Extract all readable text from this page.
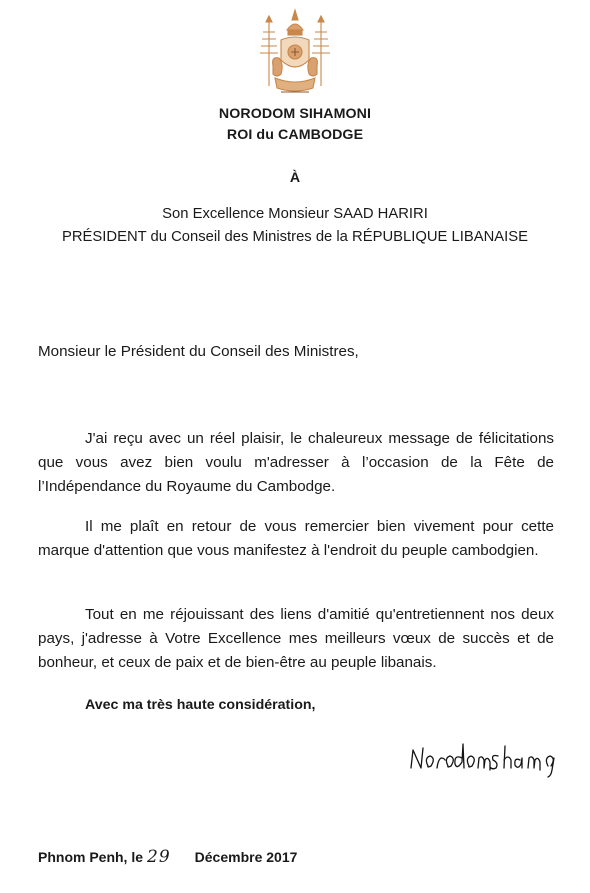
NORODOM SIHAMONI
ROI du CAMBODGE
À
Son Excellence Monsieur SAAD HARIRI
PRÉSIDENT du Conseil des Ministres de la RÉPUBLIQUE LIBANAISE
Monsieur le Président du Conseil des Ministres,
J'ai reçu avec un réel plaisir, le chaleureux message de félicitations que vous avez bien voulu m'adresser à l’occasion de la Fête de l’Indépendance du Royaume du Cambodge.
Il me plaît en retour de vous remercier bien vivement pour cette marque d'attention que vous manifestez à l'endroit du peuple cambodgien.
Tout en me réjouissant des liens d'amitié qu'entretiennent nos deux pays, j'adresse à Votre Excellence mes meilleurs vœux de succès et de bonheur, et ceux de paix et de bien-être au peuple libanais.
Avec ma très haute considération,
Phnom Penh, le 29 Décembre 2017
